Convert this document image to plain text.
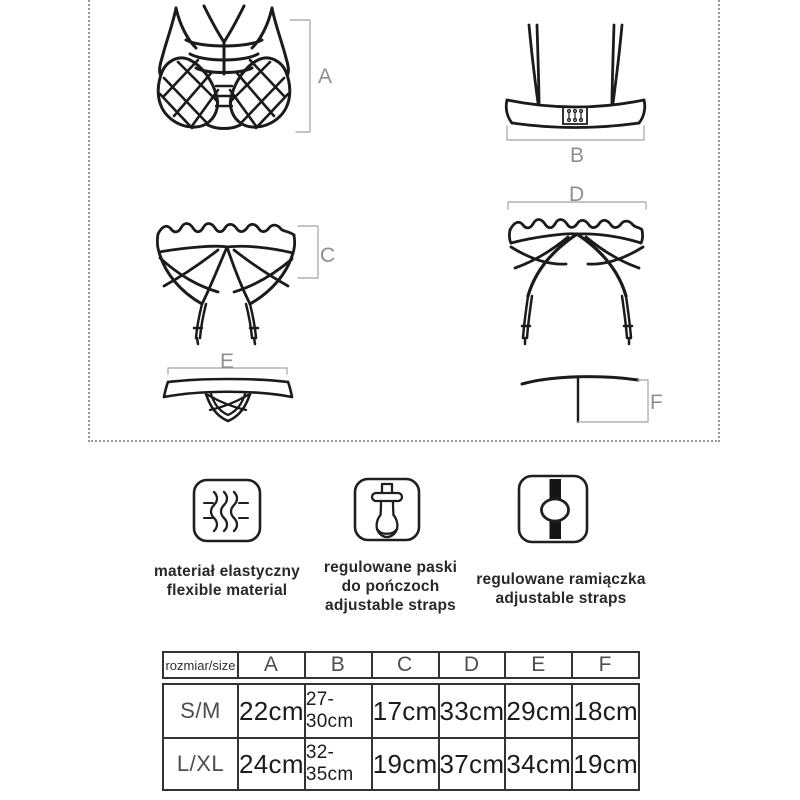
A
B
C
D
E
F
materiał elastyczny
flexible material
regulowane paski
do pończoch
adjustable straps
regulowane ramiączka
adjustable straps
rozmiar/size	A	B	C	D	E	F
S/M 22cm 27-30cm 17cm 33cm 29cm 18cm
L/XL 24cm 32-35cm 19cm 37cm 34cm 19cm
